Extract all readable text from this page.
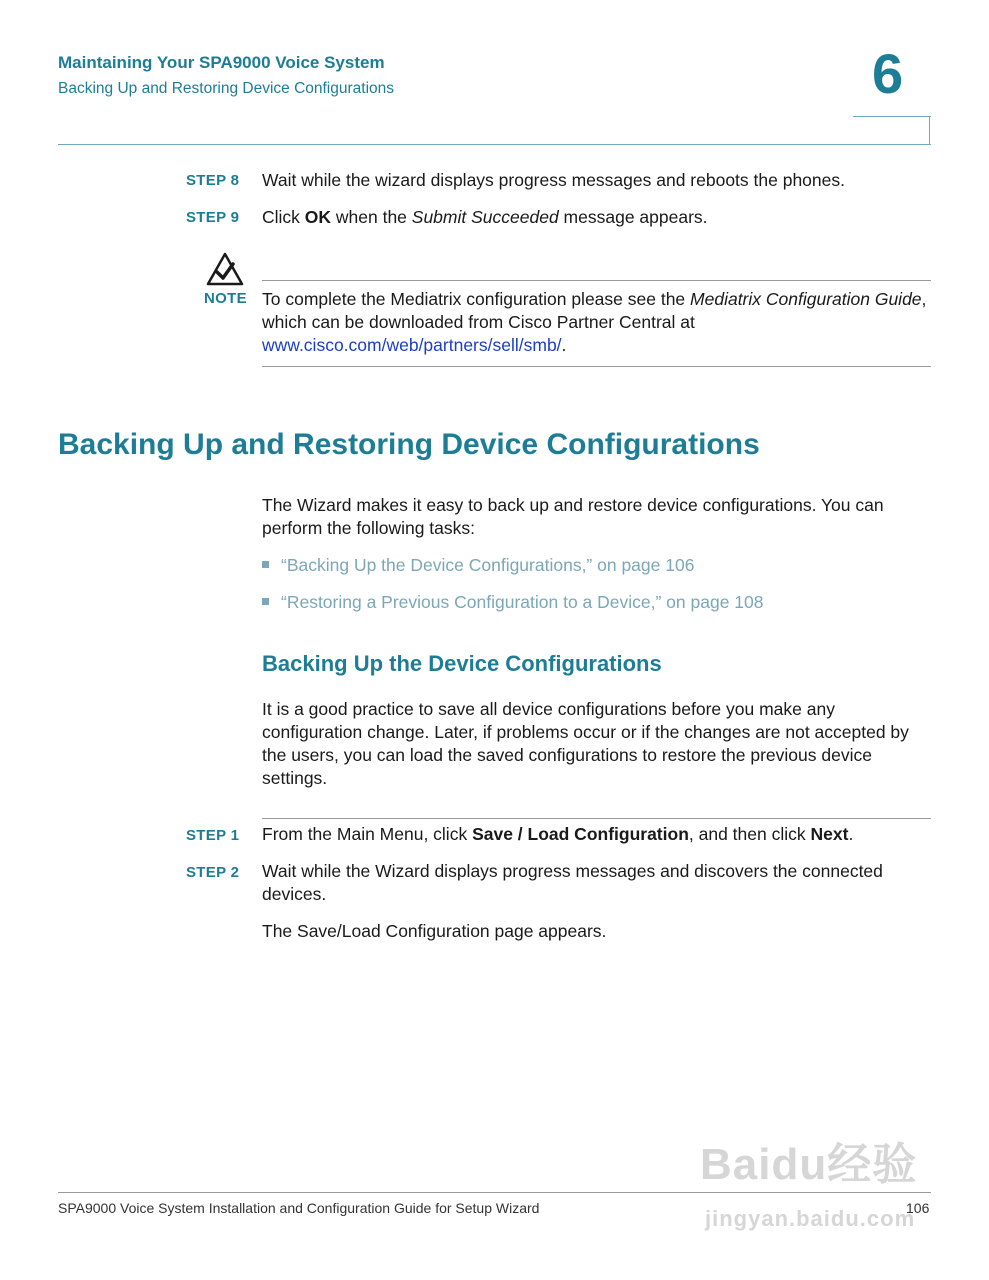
Maintaining Your SPA9000 Voice System
Backing Up and Restoring Device Configurations	6
STEP 8 Wait while the wizard displays progress messages and reboots the phones.
STEP 9 Click OK when the Submit Succeeded message appears.
NOTE To complete the Mediatrix configuration please see the Mediatrix Configuration Guide, which can be downloaded from Cisco Partner Central at www.cisco.com/web/partners/sell/smb/.
Backing Up and Restoring Device Configurations
The Wizard makes it easy to back up and restore device configurations. You can perform the following tasks:
“Backing Up the Device Configurations,” on page 106
“Restoring a Previous Configuration to a Device,” on page 108
Backing Up the Device Configurations
It is a good practice to save all device configurations before you make any configuration change. Later, if problems occur or if the changes are not accepted by the users, you can load the saved configurations to restore the previous device settings.
STEP 1 From the Main Menu, click Save / Load Configuration, and then click Next.
STEP 2 Wait while the Wizard displays progress messages and discovers the connected devices.
The Save/Load Configuration page appears.
SPA9000 Voice System Installation and Configuration Guide for Setup Wizard	106
Baidu经验
jingyan.baidu.com
